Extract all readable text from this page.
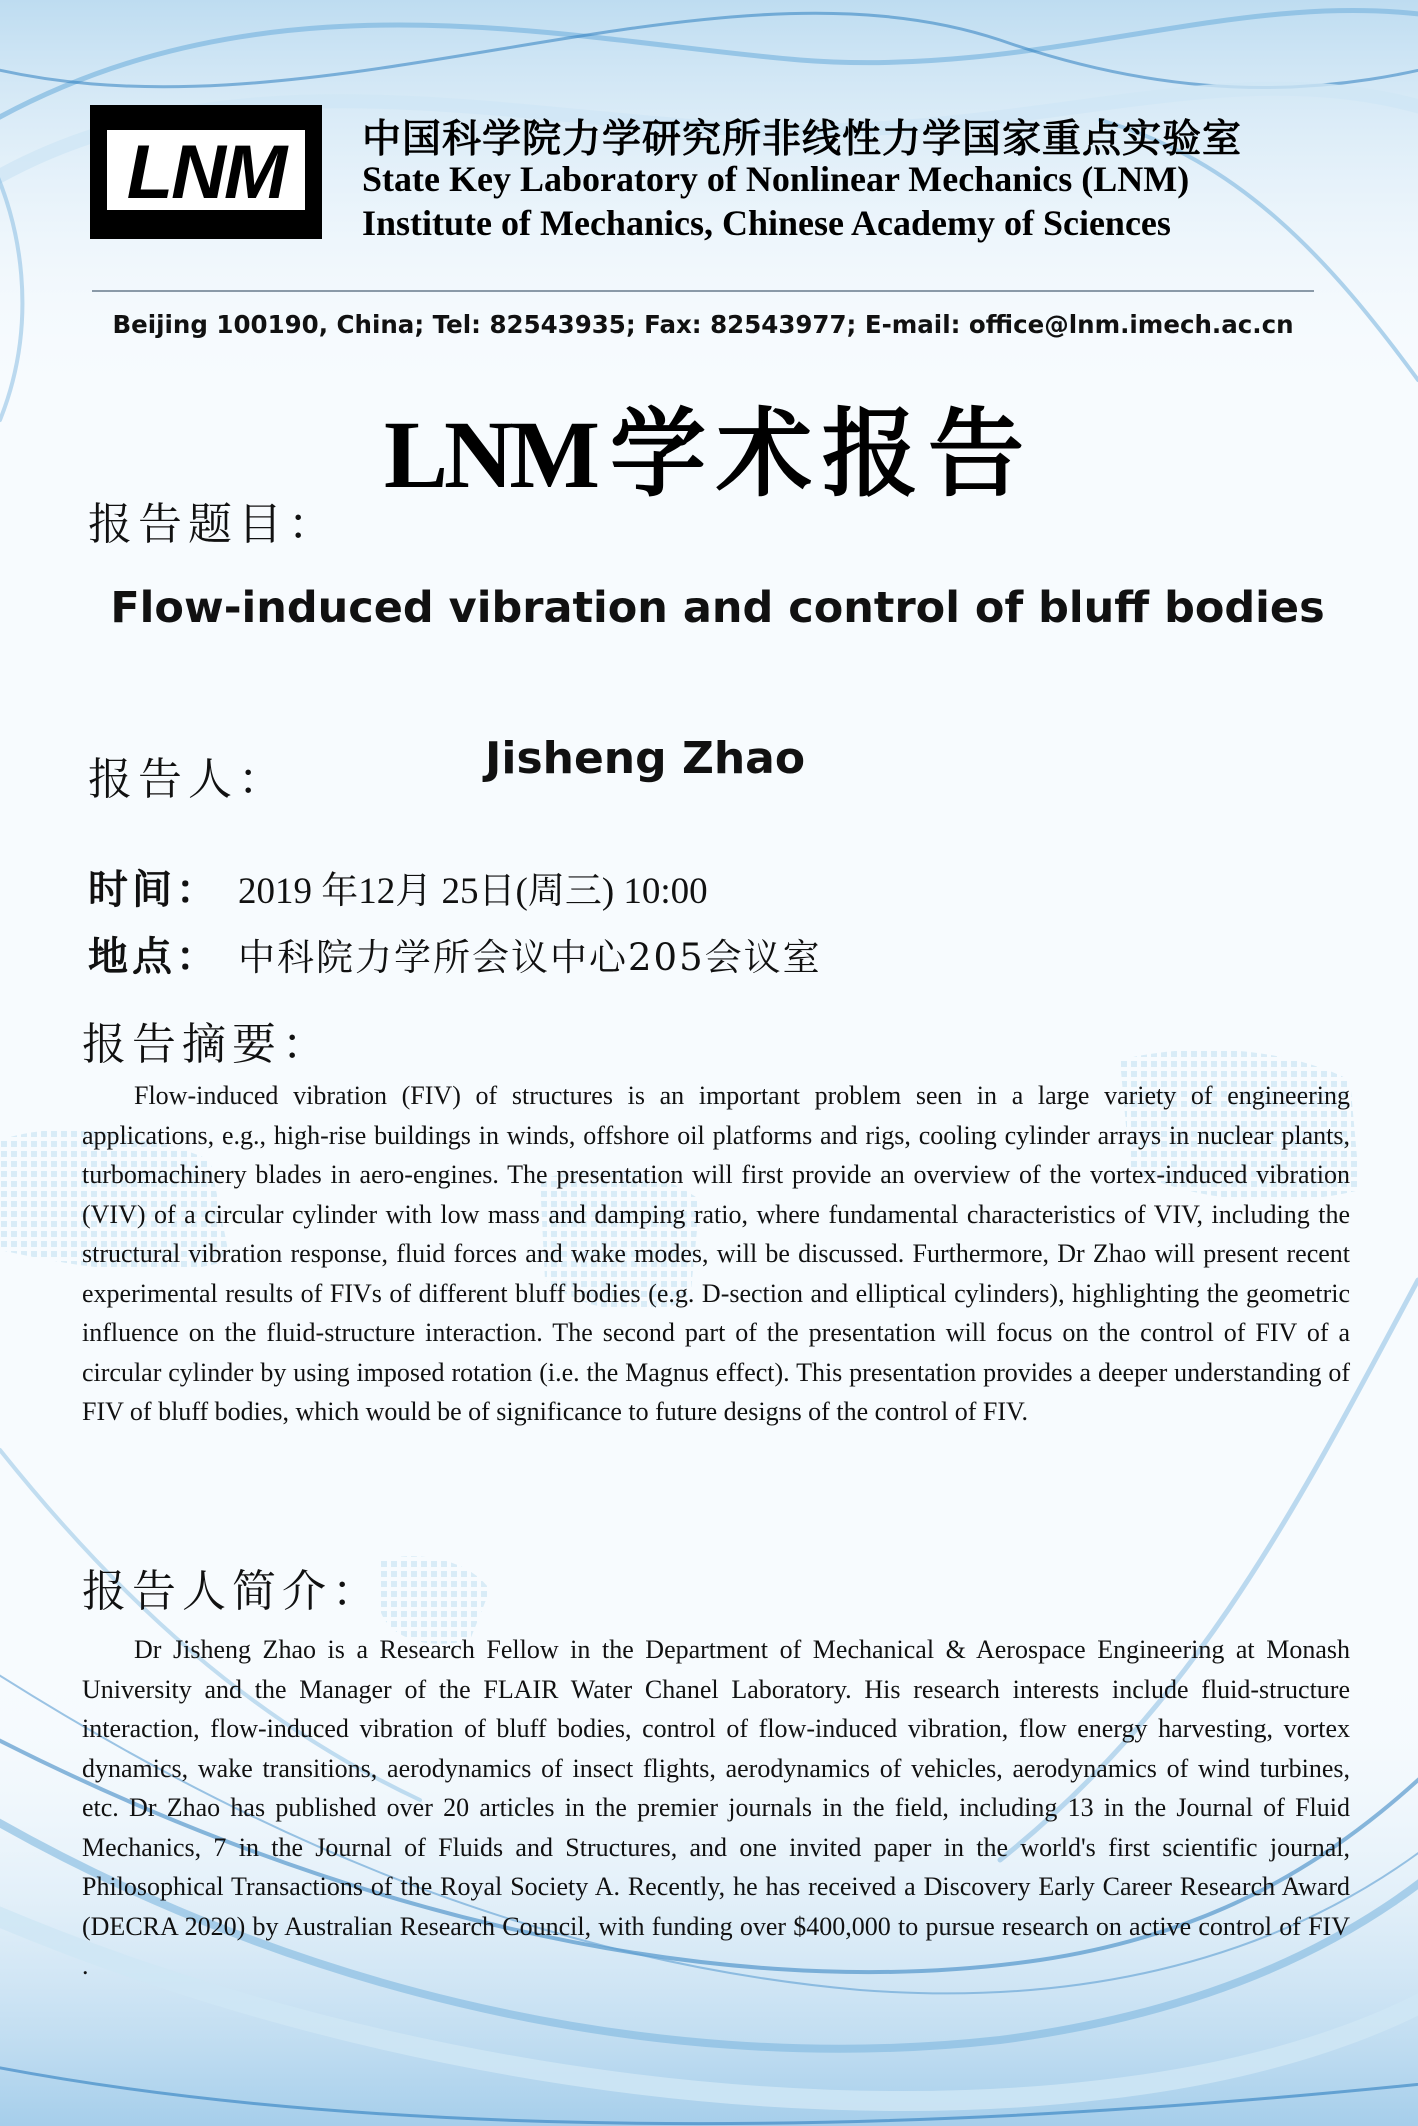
LNM 中国科学院力学研究所非线性力学国家重点实验室
State Key Laboratory of Nonlinear Mechanics (LNM)
Institute of Mechanics, Chinese Academy of Sciences
Beijing 100190, China; Tel: 82543935; Fax: 82543977; E-mail: office@lnm.imech.ac.cn
LNM 学术报告
报告题目：
Flow-induced vibration and control of bluff bodies
报告人：	Jisheng Zhao
时间： 2019 年12月 25日(周三) 10:00
地点： 中科院力学所会议中心205会议室
报告摘要：

Flow-induced vibration (FIV) of structures is an important problem seen in a large variety of engineering applications, e.g., high-rise buildings in winds, offshore oil platforms and rigs, cooling cylinder arrays in nuclear plants, turbomachinery blades in aero-engines. The presentation will first provide an overview of the vortex-induced vibration (VIV) of a circular cylinder with low mass and damping ratio, where fundamental characteristics of VIV, including the structural vibration response, fluid forces and wake modes, will be discussed. Furthermore, Dr Zhao will present recent experimental results of FIVs of different bluff bodies (e.g. D-section and elliptical cylinders), highlighting the geometric influence on the fluid-structure interaction. The second part of the presentation will focus on the control of FIV of a circular cylinder by using imposed rotation (i.e. the Magnus effect). This presentation provides a deeper understanding of FIV of bluff bodies, which would be of significance to future designs of the control of FIV.

报告人简介：

Dr Jisheng Zhao is a Research Fellow in the Department of Mechanical & Aerospace Engineering at Monash University and the Manager of the FLAIR Water Chanel Laboratory. His research interests include fluid-structure interaction, flow-induced vibration of bluff bodies, control of flow-induced vibration, flow energy harvesting, vortex dynamics, wake transitions, aerodynamics of insect flights, aerodynamics of vehicles, aerodynamics of wind turbines, etc. Dr Zhao has published over 20 articles in the premier journals in the field, including 13 in the Journal of Fluid Mechanics, 7 in the Journal of Fluids and Structures, and one invited paper in the world's first scientific journal, Philosophical Transactions of the Royal Society A. Recently, he has received a Discovery Early Career Research Award (DECRA 2020) by Australian Research Council, with funding over $400,000 to pursue research on active control of FIV .
